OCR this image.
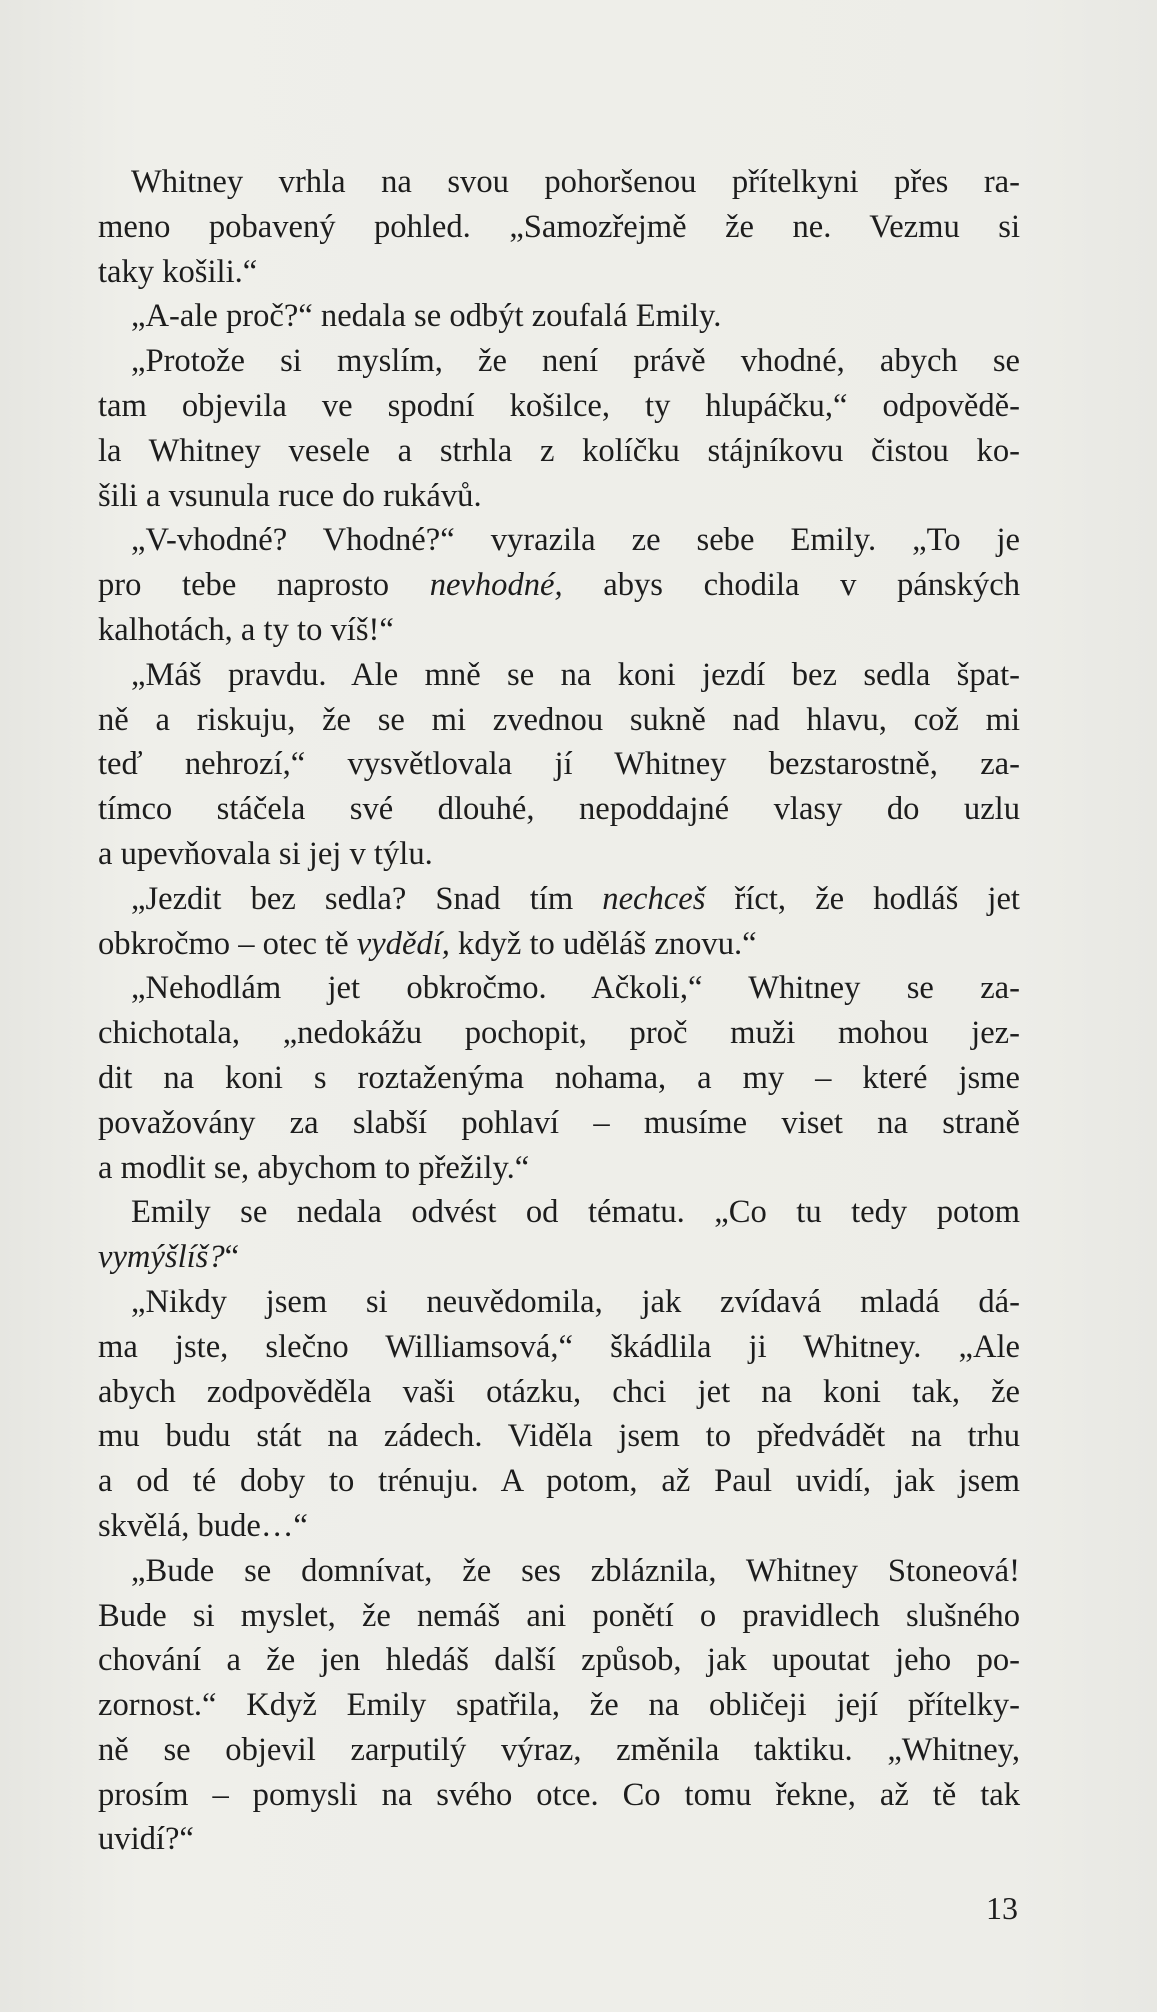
Whitney vrhla na svou pohoršenou přítelkyni přes ra-
meno pobavený pohled. „Samozřejmě že ne. Vezmu si
taky košili.“
„A-ale proč?“ nedala se odbýt zoufalá Emily.
„Protože si myslím, že není právě vhodné, abych se
tam objevila ve spodní košilce, ty hlupáčku,“ odpovědě-
la Whitney vesele a strhla z kolíčku stájníkovu čistou ko-
šili a vsunula ruce do rukávů.
„V-vhodné? Vhodné?“ vyrazila ze sebe Emily. „To je
pro tebe naprosto nevhodné, abys chodila v pánských
kalhotách, a ty to víš!“
„Máš pravdu. Ale mně se na koni jezdí bez sedla špat-
ně a riskuju, že se mi zvednou sukně nad hlavu, což mi
teď nehrozí,“ vysvětlovala jí Whitney bezstarostně, za-
tímco stáčela své dlouhé, nepoddajné vlasy do uzlu
a upevňovala si jej v týlu.
„Jezdit bez sedla? Snad tím nechceš říct, že hodláš jet
obkročmo – otec tě vydědí, když to uděláš znovu.“
„Nehodlám jet obkročmo. Ačkoli,“ Whitney se za-
chichotala, „nedokážu pochopit, proč muži mohou jez-
dit na koni s roztaženýma nohama, a my – které jsme
považovány za slabší pohlaví – musíme viset na straně
a modlit se, abychom to přežily.“
Emily se nedala odvést od tématu. „Co tu tedy potom
vymýšlíš?“
„Nikdy jsem si neuvědomila, jak zvídavá mladá dá-
ma jste, slečno Williamsová,“ škádlila ji Whitney. „Ale
abych zodpověděla vaši otázku, chci jet na koni tak, že
mu budu stát na zádech. Viděla jsem to předvádět na trhu
a od té doby to trénuju. A potom, až Paul uvidí, jak jsem
skvělá, bude…“
„Bude se domnívat, že ses zbláznila, Whitney Stoneová!
Bude si myslet, že nemáš ani ponětí o pravidlech slušného
chování a že jen hledáš další způsob, jak upoutat jeho po-
zornost.“ Když Emily spatřila, že na obličeji její přítelky-
ně se objevil zarputilý výraz, změnila taktiku. „Whitney,
prosím – pomysli na svého otce. Co tomu řekne, až tě tak
uvidí?“
13
